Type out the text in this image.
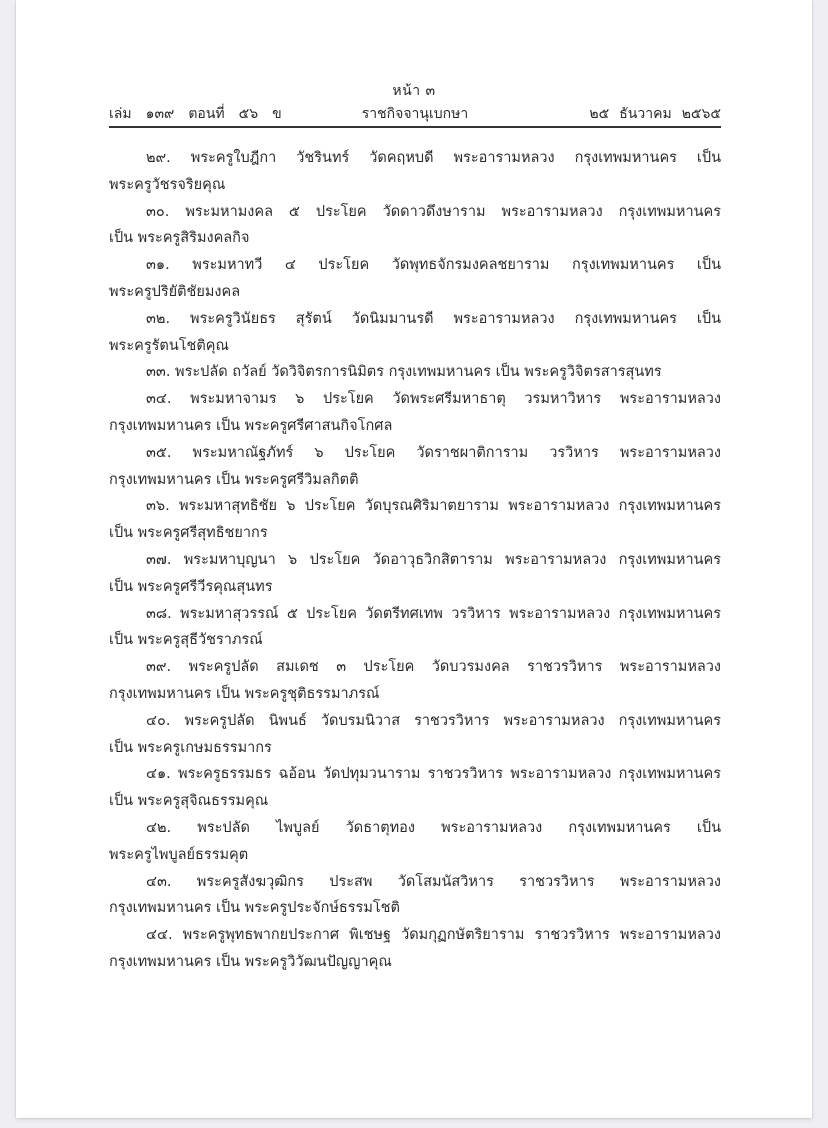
หน้า ๓
เล่ม ๑๓๙ ตอนที่ ๕๖ ข	ราชกิจจานุเบกษา	๒๕ ธันวาคม ๒๕๖๕
๒๙. พระครูใบฎีกา วัชรินทร์ วัดคฤหบดี พระอารามหลวง กรุงเทพมหานคร เป็น
พระครูวัชรจริยคุณ
๓๐. พระมหามงคล ๕ ประโยค วัดดาวดึงษาราม พระอารามหลวง กรุงเทพมหานคร
เป็น พระครูสิริมงคลกิจ
๓๑. พระมหาทวี ๔ ประโยค วัดพุทธจักรมงคลชยาราม กรุงเทพมหานคร เป็น
พระครูปริยัติชัยมงคล
๓๒. พระครูวินัยธร สุรัตน์ วัดนิมมานรดี พระอารามหลวง กรุงเทพมหานคร เป็น
พระครูรัตนโชติคุณ
๓๓. พระปลัด ถวัลย์ วัดวิจิตรการนิมิตร กรุงเทพมหานคร เป็น พระครูวิจิตรสารสุนทร
๓๔. พระมหาจามร ๖ ประโยค วัดพระศรีมหาธาตุ วรมหาวิหาร พระอารามหลวง
กรุงเทพมหานคร เป็น พระครูศรีศาสนกิจโกศล
๓๕. พระมหาณัฐภัทร์ ๖ ประโยค วัดราชผาติการาม วรวิหาร พระอารามหลวง
กรุงเทพมหานคร เป็น พระครูศรีวิมลกิตติ
๓๖. พระมหาสุทธิชัย ๖ ประโยค วัดบุรณศิริมาตยาราม พระอารามหลวง กรุงเทพมหานคร
เป็น พระครูศรีสุทธิชยากร
๓๗. พระมหาบุญนา ๖ ประโยค วัดอาวุธวิกสิตาราม พระอารามหลวง กรุงเทพมหานคร
เป็น พระครูศรีวีรคุณสุนทร
๓๘. พระมหาสุวรรณ์ ๕ ประโยค วัดตรีทศเทพ วรวิหาร พระอารามหลวง กรุงเทพมหานคร
เป็น พระครูสุธีวัชราภรณ์
๓๙. พระครูปลัด สมเดช ๓ ประโยค วัดบวรมงคล ราชวรวิหาร พระอารามหลวง
กรุงเทพมหานคร เป็น พระครูชุติธรรมาภรณ์
๔๐. พระครูปลัด นิพนธ์ วัดบรมนิวาส ราชวรวิหาร พระอารามหลวง กรุงเทพมหานคร
เป็น พระครูเกษมธรรมากร
๔๑. พระครูธรรมธร ฉอ้อน วัดปทุมวนาราม ราชวรวิหาร พระอารามหลวง กรุงเทพมหานคร
เป็น พระครูสุจิณธรรมคุณ
๔๒. พระปลัด ไพบูลย์ วัดธาตุทอง พระอารามหลวง กรุงเทพมหานคร เป็น
พระครูไพบูลย์ธรรมคุต
๔๓. พระครูสังฆวุฒิกร ประสพ วัดโสมนัสวิหาร ราชวรวิหาร พระอารามหลวง
กรุงเทพมหานคร เป็น พระครูประจักษ์ธรรมโชติ
๔๔. พระครูพุทธพากยประกาศ พิเชษฐ วัดมกุฏกษัตริยาราม ราชวรวิหาร พระอารามหลวง
กรุงเทพมหานคร เป็น พระครูวิวัฒนปัญญาคุณ
